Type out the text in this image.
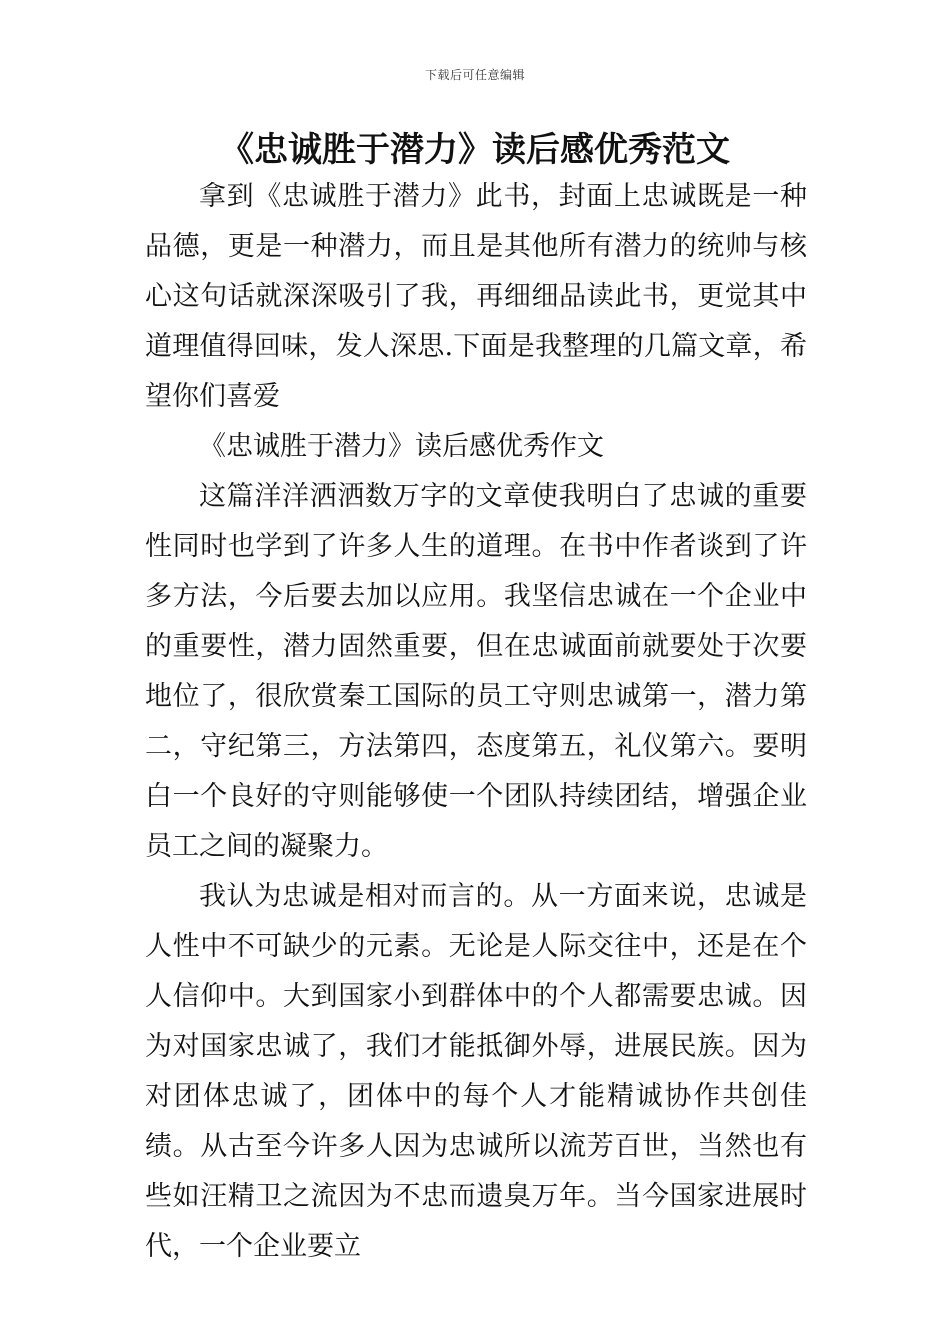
下载后可任意编辑
《忠诚胜于潜力》读后感优秀范文

拿到《忠诚胜于潜力》此书，封面上忠诚既是一种品德，更是一种潜力，而且是其他所有潜力的统帅与核心这句话就深深吸引了我，再细细品读此书，更觉其中道理值得回味，发人深思.下面是我整理的几篇文章，希望你们喜爱

《忠诚胜于潜力》读后感优秀作文

这篇洋洋洒洒数万字的文章使我明白了忠诚的重要性同时也学到了许多人生的道理。在书中作者谈到了许多方法，今后要去加以应用。我坚信忠诚在一个企业中的重要性，潜力固然重要，但在忠诚面前就要处于次要地位了，很欣赏秦工国际的员工守则忠诚第一，潜力第二，守纪第三，方法第四，态度第五，礼仪第六。要明白一个良好的守则能够使一个团队持续团结，增强企业员工之间的凝聚力。

我认为忠诚是相对而言的。从一方面来说，忠诚是人性中不可缺少的元素。无论是人际交往中，还是在个人信仰中。大到国家小到群体中的个人都需要忠诚。因为对国家忠诚了，我们才能抵御外辱，进展民族。因为对团体忠诚了，团体中的每个人才能精诚协作共创佳绩。从古至今许多人因为忠诚所以流芳百世，当然也有些如汪精卫之流因为不忠而遗臭万年。当今国家进展时代，一个企业要立
